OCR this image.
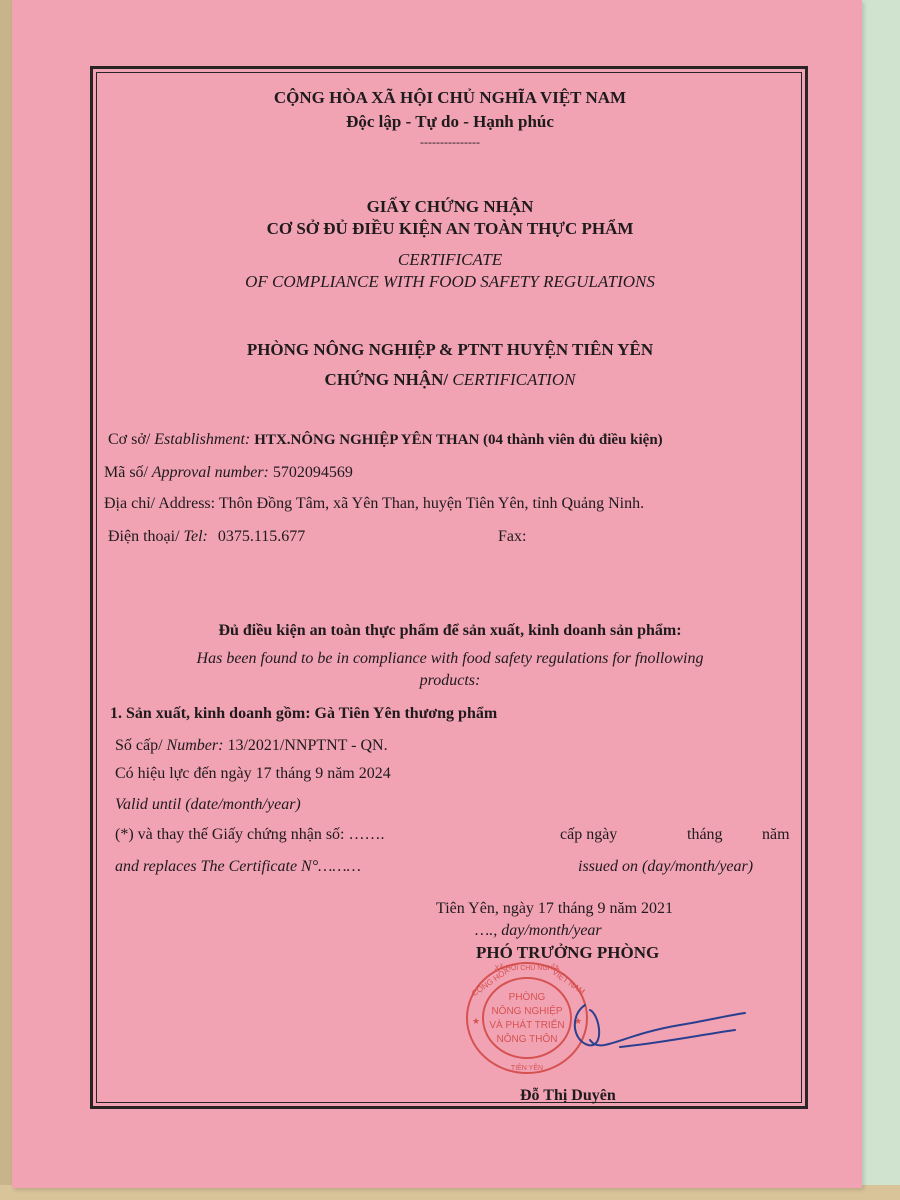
CỘNG HÒA XÃ HỘI CHỦ NGHĨA VIỆT NAM
Độc lập - Tự do - Hạnh phúc
---------------
GIẤY CHỨNG NHẬN
CƠ SỞ ĐỦ ĐIỀU KIỆN AN TOÀN THỰC PHẨM
CERTIFICATE
OF COMPLIANCE WITH FOOD SAFETY REGULATIONS
PHÒNG NÔNG NGHIỆP & PTNT HUYỆN TIÊN YÊN
CHỨNG NHẬN/ CERTIFICATION
Cơ sở/ Establishment: HTX.NÔNG NGHIỆP YÊN THAN (04 thành viên đủ điều kiện)
Mã số/ Approval number: 5702094569
Địa chỉ/ Address: Thôn Đồng Tâm, xã Yên Than, huyện Tiên Yên, tỉnh Quảng Ninh.
Điện thoại/ Tel: 0375.115.677	Fax:
Đủ điều kiện an toàn thực phẩm để sản xuất, kinh doanh sản phẩm:
Has been found to be in compliance with food safety regulations for fnollowing
products:
1. Sản xuất, kinh doanh gồm: Gà Tiên Yên thương phẩm
Số cấp/ Number: 13/2021/NNPTNT - QN.
Có hiệu lực đến ngày 17 tháng 9 năm 2024
Valid until (date/month/year)
(*) và thay thế Giấy chứng nhận số: …….	cấp ngày	tháng năm
and replaces The Certificate N°………	issued on (day/month/year)
Tiên Yên, ngày 17 tháng 9 năm 2021
…., day/month/year
PHÓ TRƯỞNG PHÒNG
PHÒNG
NÔNG NGHIỆP
VÀ PHÁT TRIỂN
NÔNG THÔN
CỘNG HÒA
XÃ HỘI CHỦ NGHĨA
VIỆT NAM
TIÊN YÊN
★	★
Đỗ Thị Duyên
